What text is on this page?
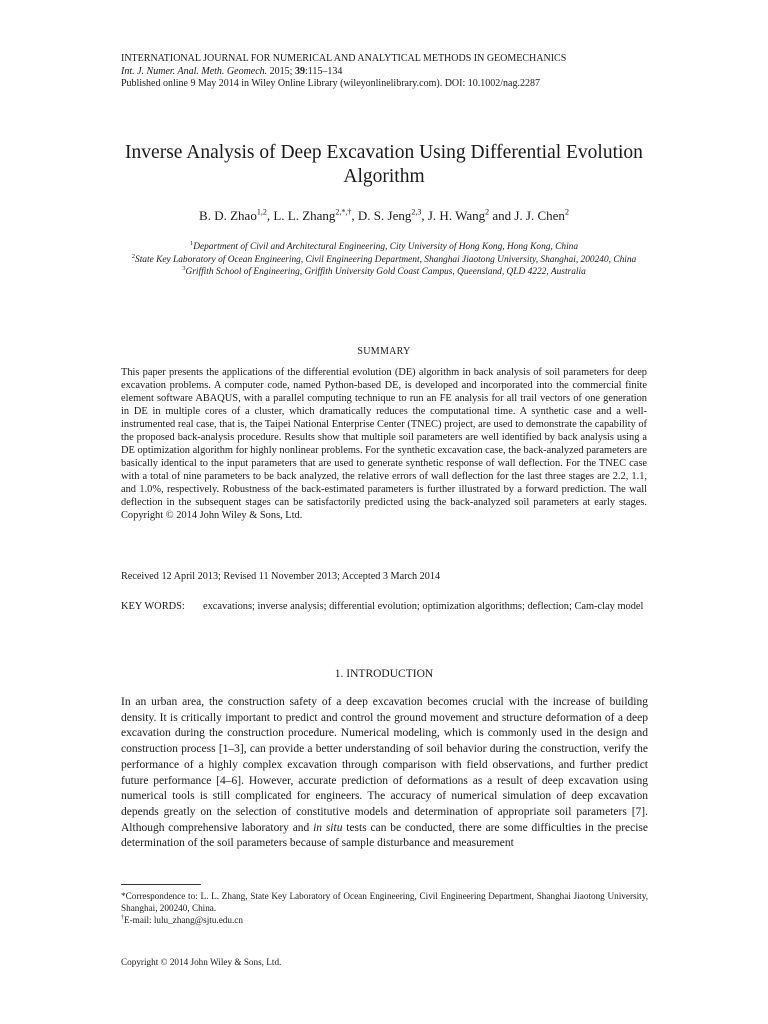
INTERNATIONAL JOURNAL FOR NUMERICAL AND ANALYTICAL METHODS IN GEOMECHANICS
Int. J. Numer. Anal. Meth. Geomech. 2015; 39:115–134
Published online 9 May 2014 in Wiley Online Library (wileyonlinelibrary.com). DOI: 10.1002/nag.2287
Inverse Analysis of Deep Excavation Using Differential Evolution Algorithm
B. D. Zhao$^{1,2}$, L. L. Zhang$^{2,*,\dagger}$, D. S. Jeng$^{2,3}$, J. H. Wang$^2$ and J. J. Chen$^2$
$^1$Department of Civil and Architectural Engineering, City University of Hong Kong, Hong Kong, China
$^2$State Key Laboratory of Ocean Engineering, Civil Engineering Department, Shanghai Jiaotong University, Shanghai, 200240, China
$^3$Griffith School of Engineering, Griffith University Gold Coast Campus, Queensland, QLD 4222, Australia
SUMMARY
This paper presents the applications of the differential evolution (DE) algorithm in back analysis of soil parameters for deep excavation problems. A computer code, named Python-based DE, is developed and incorporated into the commercial finite element software ABAQUS, with a parallel computing technique to run an FE analysis for all trail vectors of one generation in DE in multiple cores of a cluster, which dramatically reduces the computational time. A synthetic case and a well-instrumented real case, that is, the Taipei National Enterprise Center (TNEC) project, are used to demonstrate the capability of the proposed back-analysis procedure. Results show that multiple soil parameters are well identified by back analysis using a DE optimization algorithm for highly nonlinear problems. For the synthetic excavation case, the back-analyzed parameters are basically identical to the input parameters that are used to generate synthetic response of wall deflection. For the TNEC case with a total of nine parameters to be back analyzed, the relative errors of wall deflection for the last three stages are 2.2, 1.1, and 1.0%, respectively. Robustness of the back-estimated parameters is further illustrated by a forward prediction. The wall deflection in the subsequent stages can be satisfactorily predicted using the back-analyzed soil parameters at early stages. Copyright © 2014 John Wiley & Sons, Ltd.
Received 12 April 2013; Revised 11 November 2013; Accepted 3 March 2014
KEY WORDS:	excavations; inverse analysis; differential evolution; optimization algorithms; deflection; Cam-clay model
1. INTRODUCTION
In an urban area, the construction safety of a deep excavation becomes crucial with the increase of building density. It is critically important to predict and control the ground movement and structure deformation of a deep excavation during the construction procedure. Numerical modeling, which is commonly used in the design and construction process [1–3], can provide a better understanding of soil behavior during the construction, verify the performance of a highly complex excavation through comparison with field observations, and further predict future performance [4–6]. However, accurate prediction of deformations as a result of deep excavation using numerical tools is still complicated for engineers. The accuracy of numerical simulation of deep excavation depends greatly on the selection of constitutive models and determination of appropriate soil parameters [7]. Although comprehensive laboratory and in situ tests can be conducted, there are some difficulties in the precise determination of the soil parameters because of sample disturbance and measurement
*Correspondence to: L. L. Zhang, State Key Laboratory of Ocean Engineering, Civil Engineering Department, Shanghai Jiaotong University, Shanghai, 200240, China.
†E-mail: lulu_zhang@sjtu.edu.cn
Copyright © 2014 John Wiley & Sons, Ltd.
